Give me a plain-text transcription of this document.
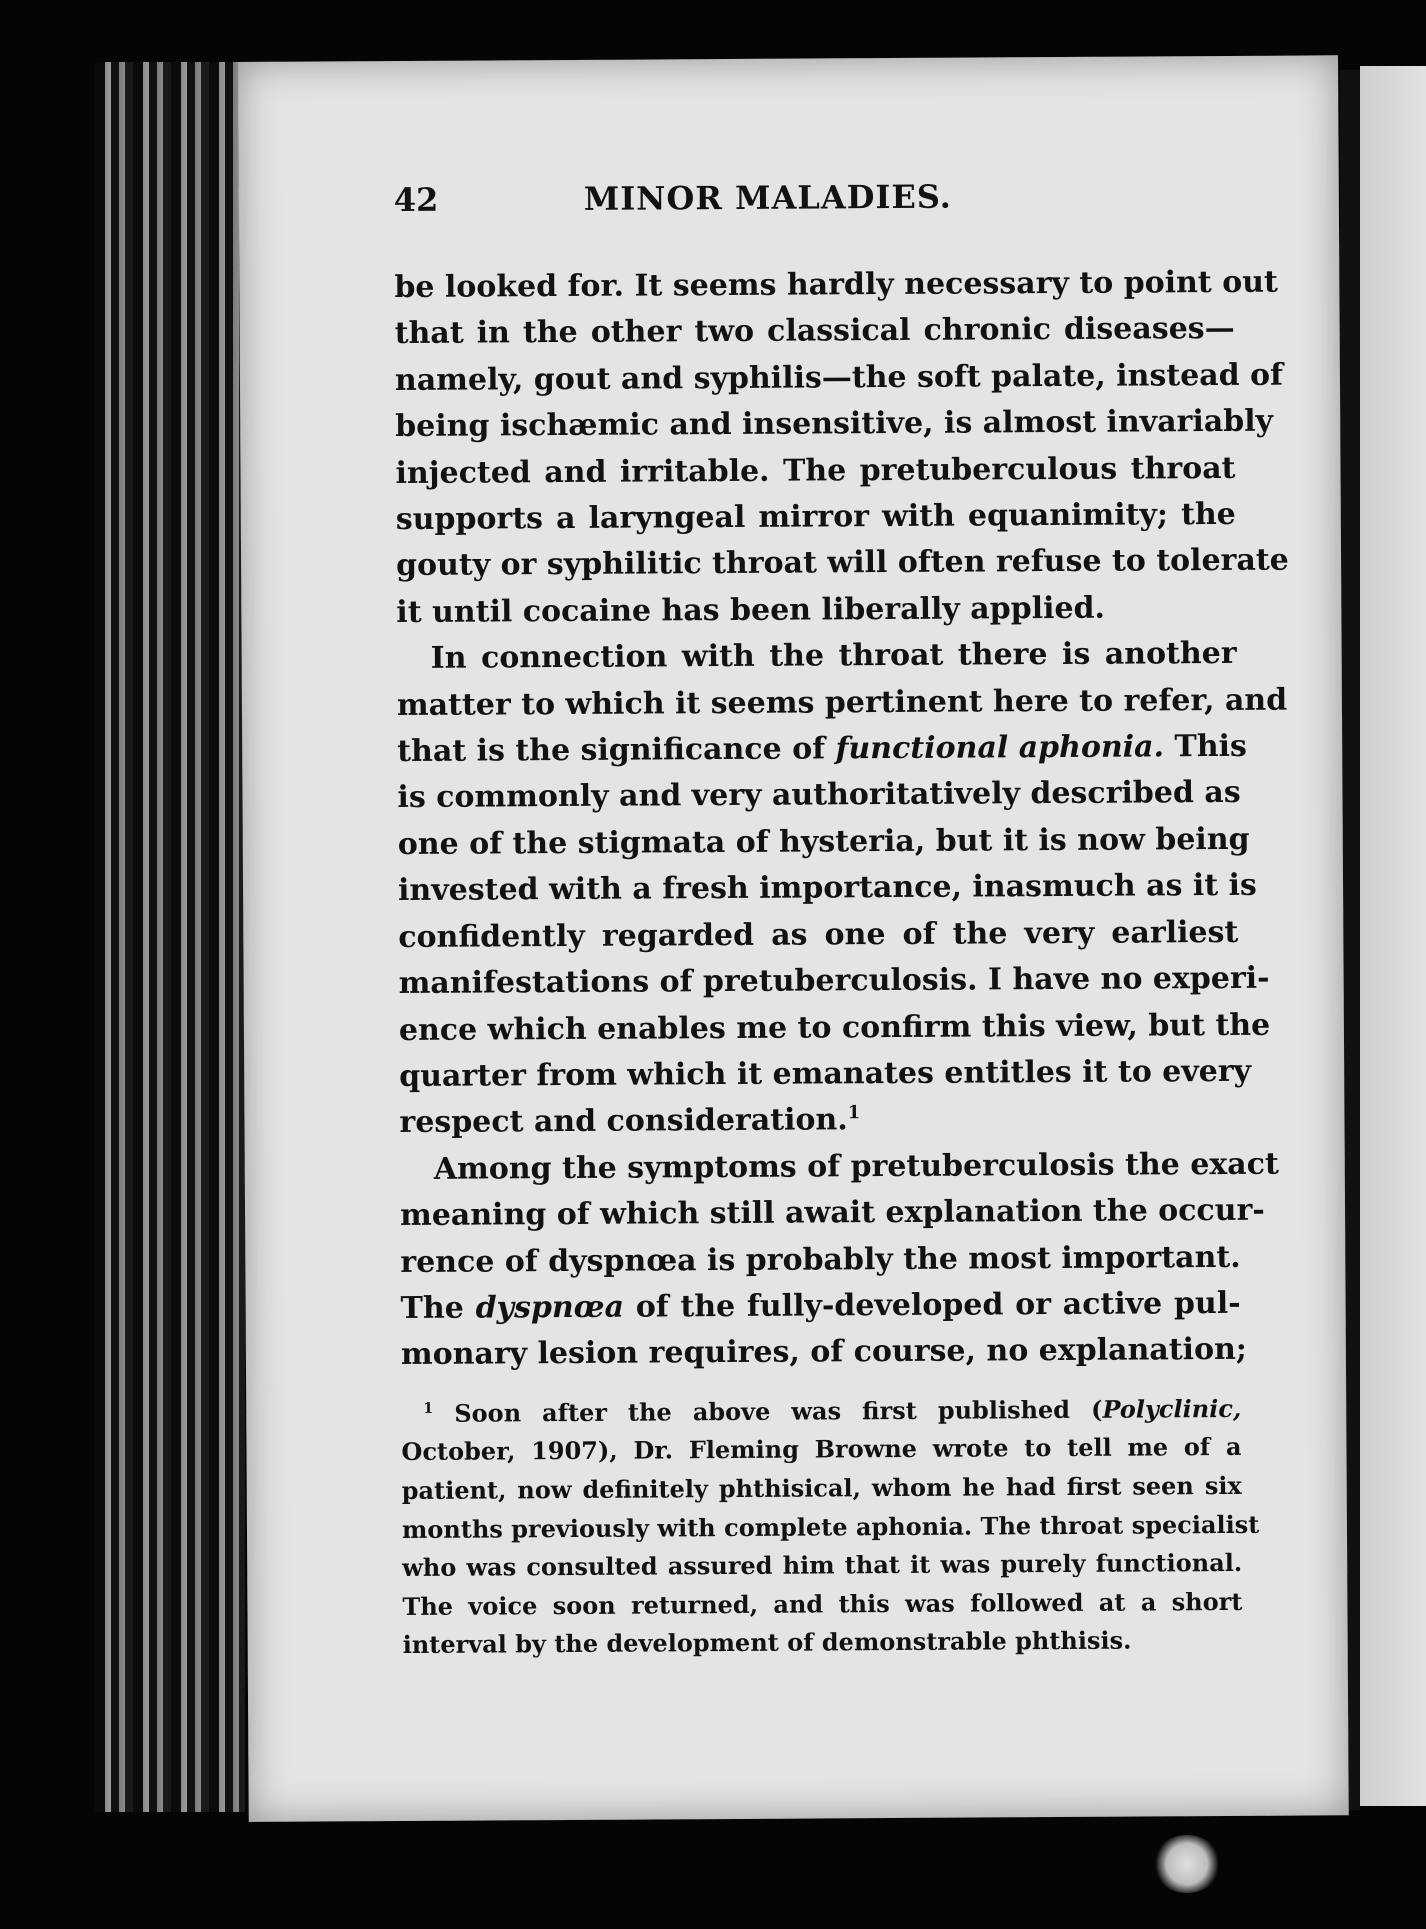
42	MINOR MALADIES.
be looked for. It seems hardly necessary to point out
that in the other two classical chronic diseases—
namely, gout and syphilis—the soft palate, instead of
being ischæmic and insensitive, is almost invariably
injected and irritable. The pretuberculous throat
supports a laryngeal mirror with equanimity; the
gouty or syphilitic throat will often refuse to tolerate
it until cocaine has been liberally applied.
In connection with the throat there is another
matter to which it seems pertinent here to refer, and
that is the significance of functional aphonia. This
is commonly and very authoritatively described as
one of the stigmata of hysteria, but it is now being
invested with a fresh importance, inasmuch as it is
confidently regarded as one of the very earliest
manifestations of pretuberculosis. I have no experi-
ence which enables me to confirm this view, but the
quarter from which it emanates entitles it to every
respect and consideration.$^1$
Among the symptoms of pretuberculosis the exact
meaning of which still await explanation the occur-
rence of dyspnœa is probably the most important.
The dyspnœa of the fully-developed or active pul-
monary lesion requires, of course, no explanation;
$^1$ Soon after the above was first published (Polyclinic,
October, 1907), Dr. Fleming Browne wrote to tell me of a
patient, now definitely phthisical, whom he had first seen six
months previously with complete aphonia. The throat specialist
who was consulted assured him that it was purely functional.
The voice soon returned, and this was followed at a short
interval by the development of demonstrable phthisis.
